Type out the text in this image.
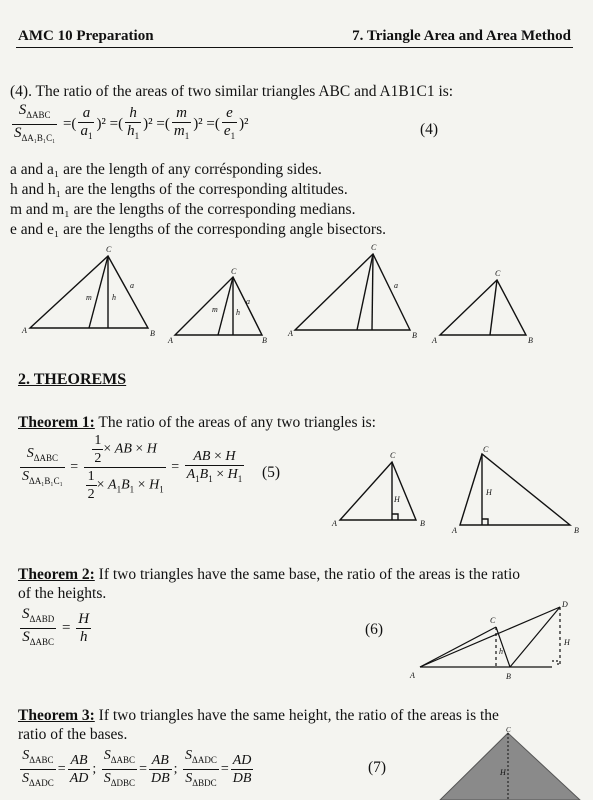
AMC 10 Preparation	7. Triangle Area and Area Method
(4). The ratio of the areas of two similar triangles ABC and A1B1C1 is:
$S_{\Delta ABC}$
$S_{\Delta A_1B_1C_1}$
=( $\frac{a}{a_1} )^2$ =( $\frac{h}{h_1} )^2$ =( $\frac{m}{m_1} )^2$ =( $\frac{e}{e_1} )^2$	(4)
a and a₁ are the length of any corrésponding sides.
h and h₁ are the lengths of the corresponding altitudes.
m and m₁ are the lengths of the corresponding medians.
e and e₁ are the lengths of the corresponding angle bisectors.
C
A	B
a
h
m
C
A	B
a
h
m
C
A	B
a
C
A	B
2. THEOREMS
Theorem 1: The ratio of the areas of any two triangles is:
$S_{\Delta ABC}$
$S_{\Delta A_1B_1C_1}$
= $\frac{\frac{1}{2} \times AB \times H}{\frac{1}{2} \times A_1B_1 \times H_1} = \frac{AB \times H}{A_1B_1 \times H_1} (5)$
C
A	B
H
C
A	B
H
Theorem 2: If two triangles have the same base, the ratio of the areas is the ratio
of the heights.
$S_{\Delta ABD}$
$S_{\Delta ABC}$
= $\frac{H}{h}$	(6)
A	B
C
D
h
H
Theorem 3: If two triangles have the same height, the ratio of the areas is the
ratio of the bases.
$S_{\Delta ABC}$
$S_{\Delta ADC}$
= $\frac{AB}{AD}$ ;
$S_{\Delta ABC}$
$S_{\Delta DBC}$
= $\frac{AB}{DB}$ ;
$S_{\Delta ADC}$
$S_{\Delta BDC}$
= $\frac{AD}{DB}$	(7)	H
C
